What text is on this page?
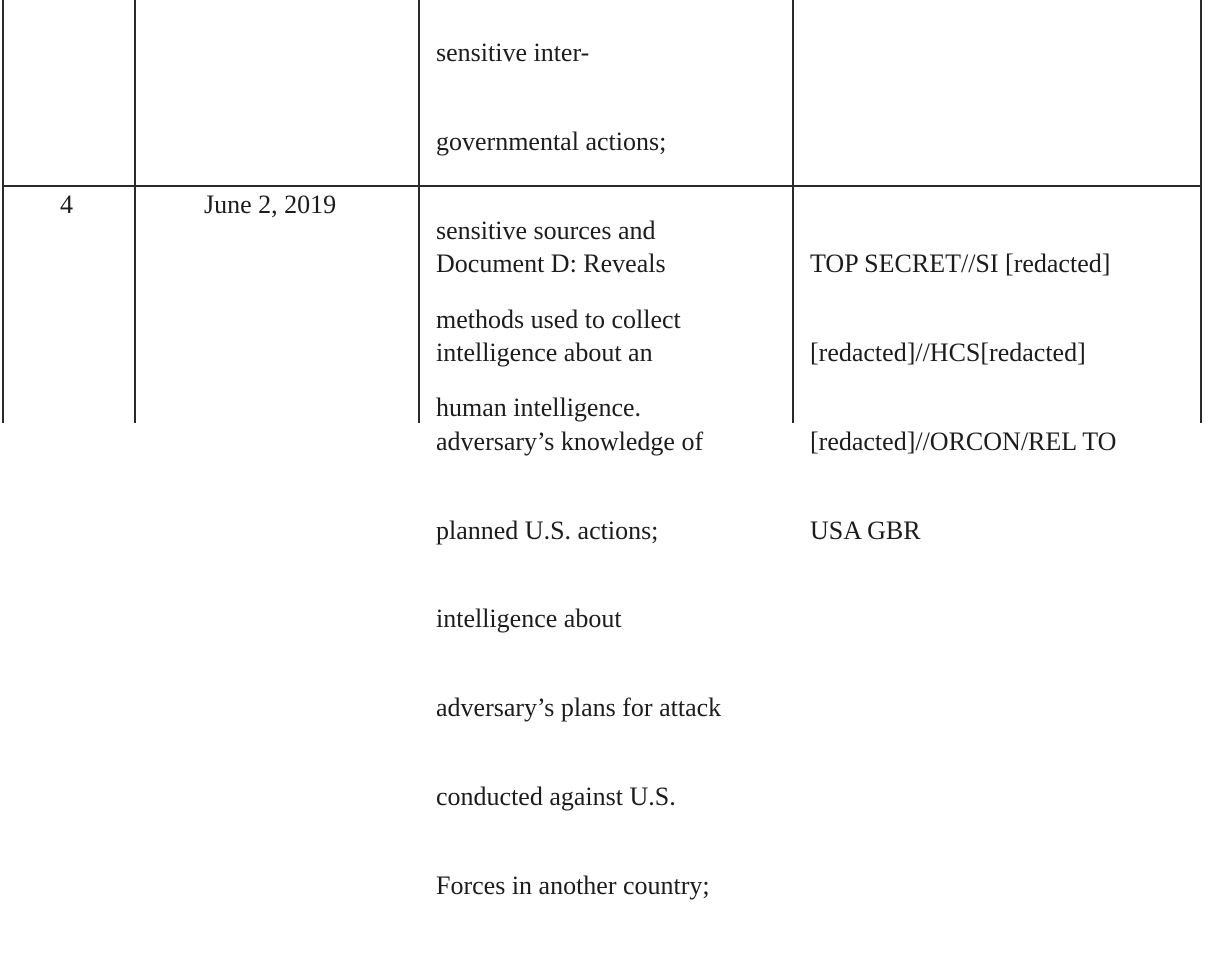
sensitive inter-

governmental actions;

sensitive sources and

methods used to collect

human intelligence.

4	June 2, 2019

Document D: Reveals

intelligence about an

adversary’s knowledge of

planned U.S. actions;

intelligence about

adversary’s plans for attack

conducted against U.S.

Forces in another country;

TOP SECRET//SI [redacted]

[redacted]//HCS[redacted]

[redacted]//ORCON/REL TO

USA GBR
